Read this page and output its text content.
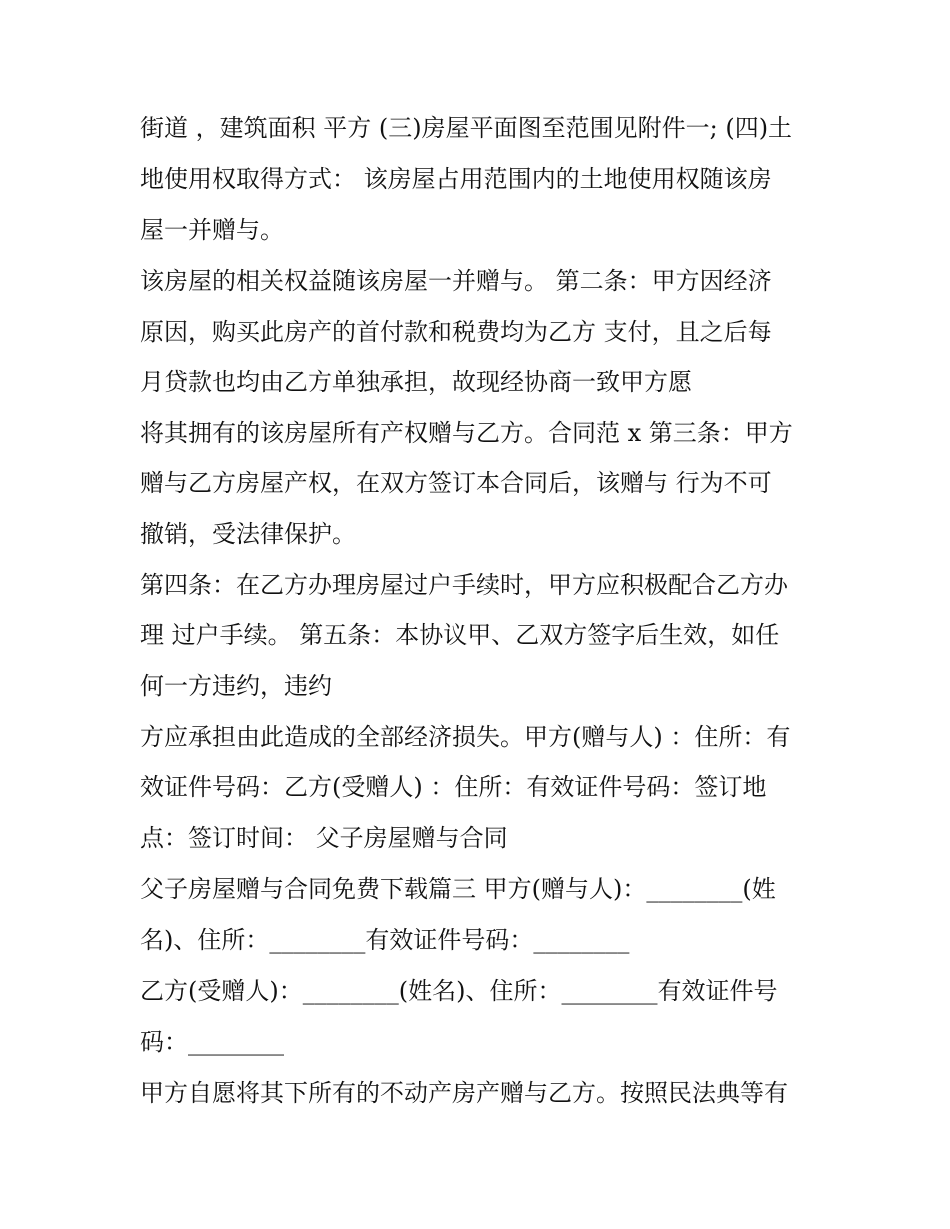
街道 ，建筑面积 平方 (三)房屋平面图至范围见附件一; (四)土
地使用权取得方式： 该房屋占用范围内的土地使用权随该房
屋一并赠与。
该房屋的相关权益随该房屋一并赠与。 第二条：甲方因经济
原因，购买此房产的首付款和税费均为乙方 支付，且之后每
月贷款也均由乙方单独承担，故现经协商一致甲方愿
将其拥有的该房屋所有产权赠与乙方。合同范 x 第三条：甲方
赠与乙方房屋产权，在双方签订本合同后，该赠与 行为不可
撤销，受法律保护。
第四条：在乙方办理房屋过户手续时，甲方应积极配合乙方办
理 过户手续。 第五条：本协议甲、乙双方签字后生效，如任
何一方违约，违约
方应承担由此造成的全部经济损失。甲方(赠与人) ：住所：有
效证件号码：乙方(受赠人) ：住所：有效证件号码：签订地
点：签订时间： 父子房屋赠与合同
父子房屋赠与合同免费下载篇三 甲方(赠与人)：________(姓
名)、住所：________有效证件号码：________
乙方(受赠人)：________(姓名)、住所：________有效证件号
码：________
甲方自愿将其下所有的不动产房产赠与乙方。按照民法典等有
